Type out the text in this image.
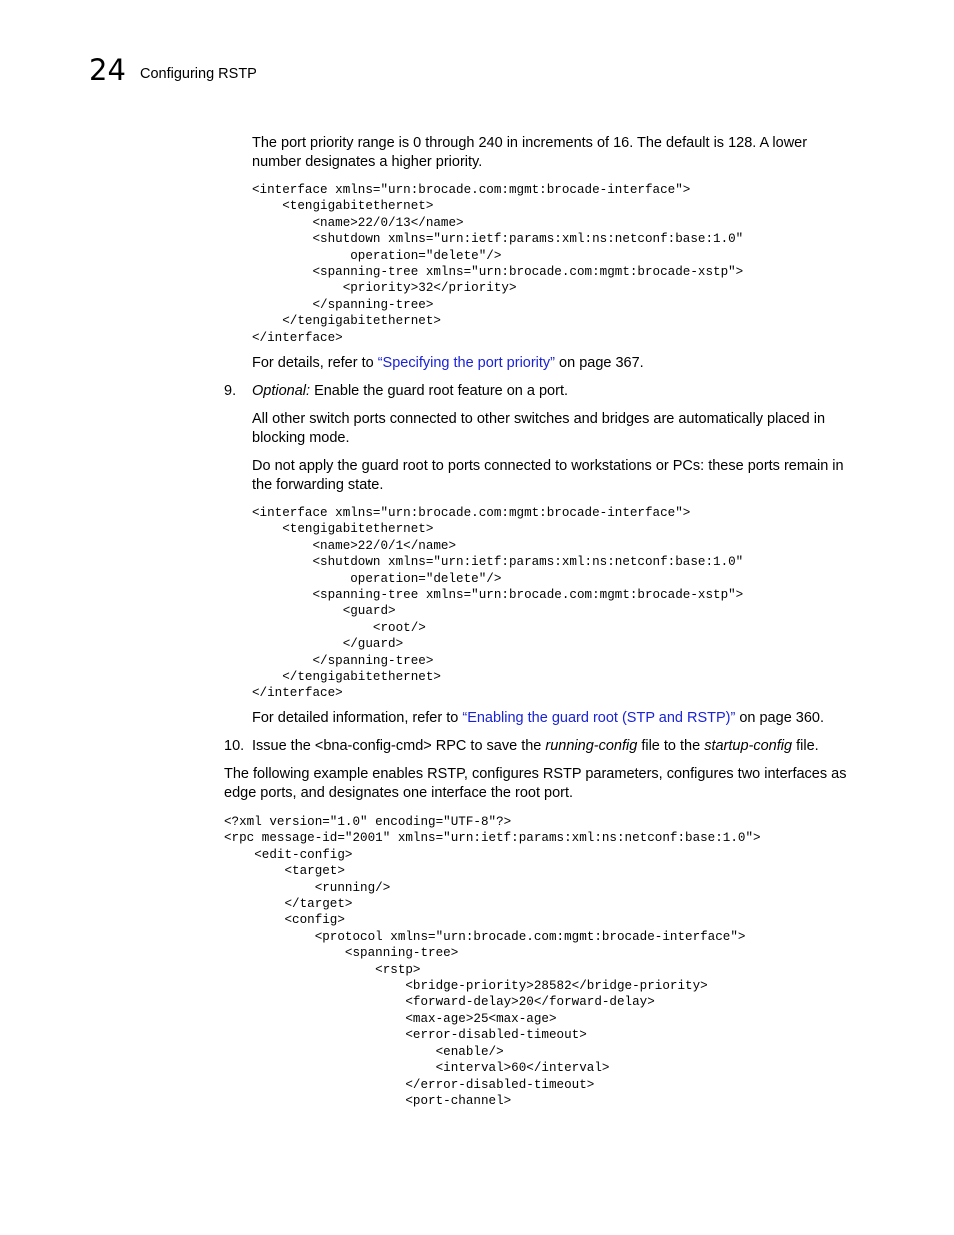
24 Configuring RSTP

The port priority range is 0 through 240 in increments of 16. The default is 128. A lower number designates a higher priority.

<interface xmlns="urn:brocade.com:mgmt:brocade-interface">
<tengigabitethernet>
<name>22/0/13</name>
<shutdown xmlns="urn:ietf:params:xml:ns:netconf:base:1.0"
operation="delete"/>
<spanning-tree xmlns="urn:brocade.com:mgmt:brocade-xstp">
<priority>32</priority>
</spanning-tree>
</tengigabitethernet>
</interface>

For details, refer to “Specifying the port priority” on page 367.

9. Optional: Enable the guard root feature on a port.

All other switch ports connected to other switches and bridges are automatically placed in blocking mode.

Do not apply the guard root to ports connected to workstations or PCs: these ports remain in the forwarding state.

<interface xmlns="urn:brocade.com:mgmt:brocade-interface">
<tengigabitethernet>
<name>22/0/1</name>
<shutdown xmlns="urn:ietf:params:xml:ns:netconf:base:1.0"
operation="delete"/>
<spanning-tree xmlns="urn:brocade.com:mgmt:brocade-xstp">
<guard>
<root/>
</guard>
</spanning-tree>
</tengigabitethernet>
</interface>

For detailed information, refer to “Enabling the guard root (STP and RSTP)” on page 360.

10. Issue the <bna-config-cmd> RPC to save the running-config file to the startup-config file.

The following example enables RSTP, configures RSTP parameters, configures two interfaces as edge ports, and designates one interface the root port.

<?xml version="1.0" encoding="UTF-8"?>
<rpc message-id="2001" xmlns="urn:ietf:params:xml:ns:netconf:base:1.0">
<edit-config>
<target>
<running/>
</target>
<config>
<protocol xmlns="urn:brocade.com:mgmt:brocade-interface">
<spanning-tree>
<rstp>
<bridge-priority>28582</bridge-priority>
<forward-delay>20</forward-delay>
<max-age>25<max-age>
<error-disabled-timeout>
<enable/>
<interval>60</interval>
</error-disabled-timeout>
<port-channel>
